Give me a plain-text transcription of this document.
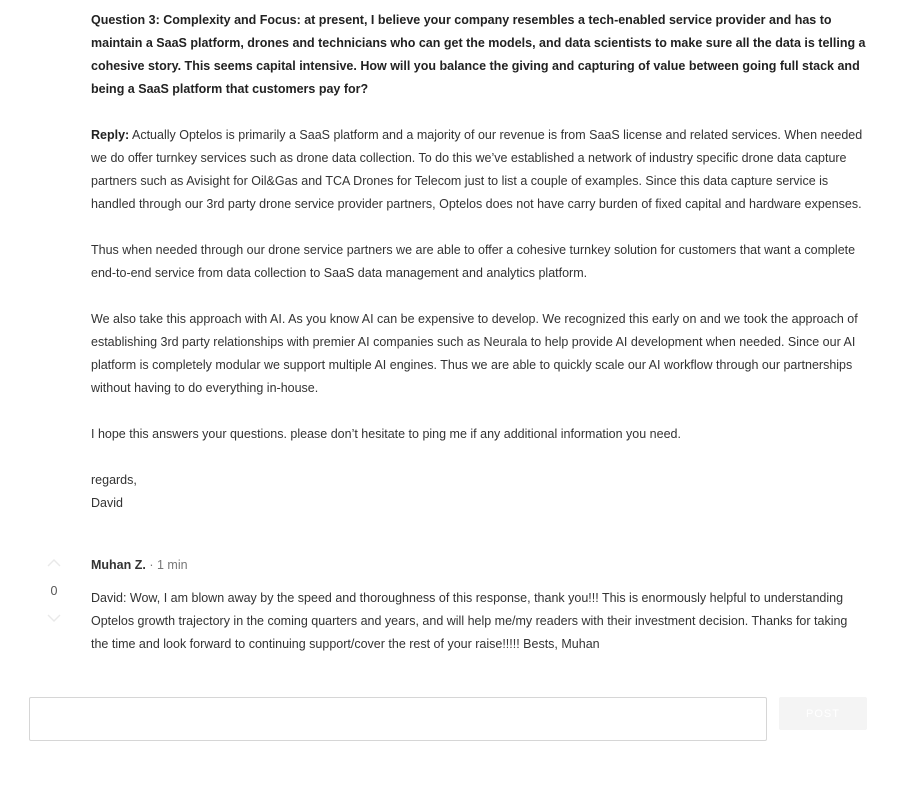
Question 3: Complexity and Focus: at present, I believe your company resembles a tech-enabled service provider and has to maintain a SaaS platform, drones and technicians who can get the models, and data scientists to make sure all the data is telling a cohesive story. This seems capital intensive. How will you balance the giving and capturing of value between going full stack and being a SaaS platform that customers pay for?

Reply: Actually Optelos is primarily a SaaS platform and a majority of our revenue is from SaaS license and related services. When needed we do offer turnkey services such as drone data collection. To do this we’ve established a network of industry specific drone data capture partners such as Avisight for Oil&Gas and TCA Drones for Telecom just to list a couple of examples. Since this data capture service is handled through our 3rd party drone service provider partners, Optelos does not have carry burden of fixed capital and hardware expenses.

Thus when needed through our drone service partners we are able to offer a cohesive turnkey solution for customers that want a complete end-to-end service from data collection to SaaS data management and analytics platform.

We also take this approach with AI. As you know AI can be expensive to develop. We recognized this early on and we took the approach of establishing 3rd party relationships with premier AI companies such as Neurala to help provide AI development when needed. Since our AI platform is completely modular we support multiple AI engines. Thus we are able to quickly scale our AI workflow through our partnerships without having to do everything in-house.

I hope this answers your questions. please don’t hesitate to ping me if any additional information you need.

regards,

David

0
Muhan Z. · 1 min
David: Wow, I am blown away by the speed and thoroughness of this response, thank you!!! This is enormously helpful to understanding Optelos growth trajectory in the coming quarters and years, and will help me/my readers with their investment decision. Thanks for taking the time and look forward to continuing support/cover the rest of your raise!!!!! Bests, Muhan
POST
